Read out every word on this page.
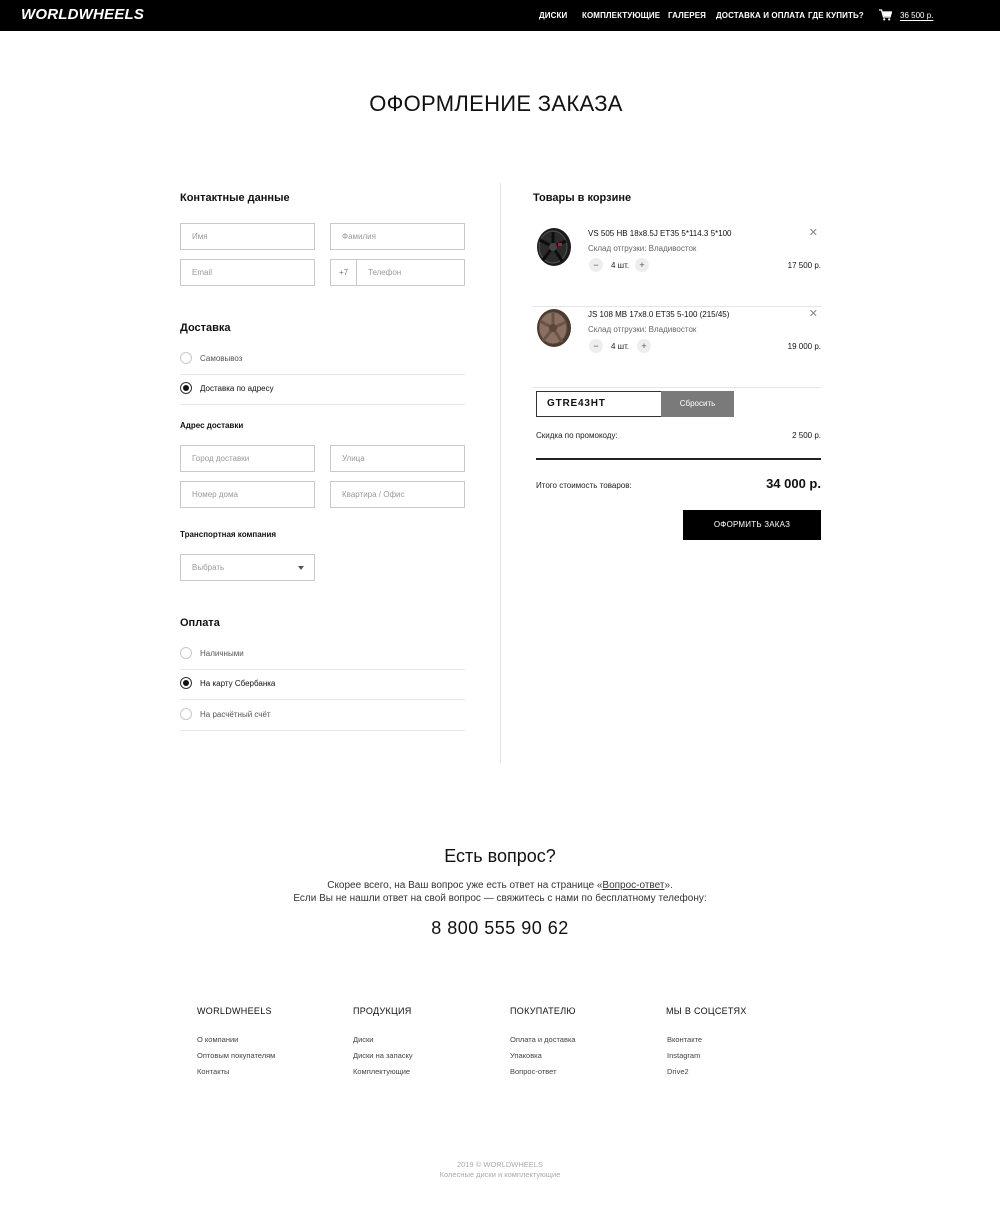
WORLDWHEELS	ДИСКИ КОМПЛЕКТУЮЩИЕ ГАЛЕРЕЯ ДОСТАВКА И ОПЛАТА ГДЕ КУПИТЬ?	36 500 р.
ОФОРМЛЕНИЕ ЗАКАЗА
Контактные данные
Имя	Фамилия
Email	+7	Телефон
Доставка
Самовывоз
Доставка по адресу
Адрес доставки
Город доставки	Улица
Номер дома	Квартира / Офис
Транспортная компания
Выбрать
Оплата
Наличными
На карту Сбербанка
На расчётный счёт
Товары в корзине
VS 505 HB 18x8.5J ET35 5*114.3 5*100
Склад отгрузки: Владивосток
−	4 шт.	+	17 500 р.
✕
JS 108 MB 17x8.0 ET35 5-100 (215/45)
Склад отгрузки: Владивосток
−	4 шт.	+	19 000 р.
✕
GTRE43HT	Сбросить
Скидка по промокоду:	2 500 р.
Итого стоимость товаров:	34 000 р.
ОФОРМИТЬ ЗАКАЗ
Есть вопрос?
Скорее всего, на Ваш вопрос уже есть ответ на странице «Вопрос-ответ».
Если Вы не нашли ответ на свой вопрос — свяжитесь с нами по бесплатному телефону:
8 800 555 90 62
WORLDWHEELS
О компании
Оптовым покупателям
Контакты
ПРОДУКЦИЯ
Диски
Диски на запаску
Комплектующие
ПОКУПАТЕЛЮ
Оплата и доставка
Упаковка
Вопрос-ответ
МЫ В СОЦСЕТЯХ
Вконтакте
Instagram
Drive2
2019 © WORLDWHEELS
Колесные диски и комплектующие
